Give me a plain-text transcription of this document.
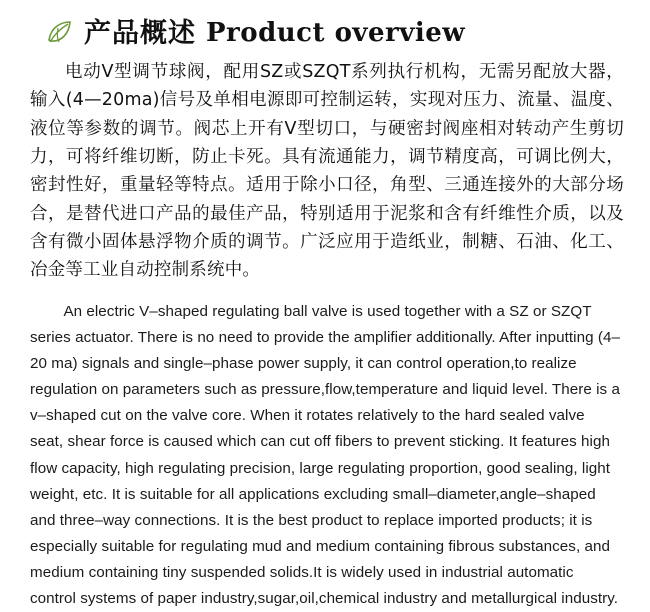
产品概述 Product overview

电动V型调节球阀，配用SZ或SZQT系列执行机构，无需另配放大器，输入(4—20ma)信号及单相电源即可控制运转，实现对压力、流量、温度、液位等参数的调节。阀芯上开有V型切口，与硬密封阀座相对转动产生剪切力，可将纤维切断，防止卡死。具有流通能力，调节精度高，可调比例大，密封性好，重量轻等特点。适用于除小口径，角型、三通连接外的大部分场合，是替代进口产品的最佳产品，特别适用于泥浆和含有纤维性介质，以及含有微小固体悬浮物介质的调节。广泛应用于造纸业，制糖、石油、化工、冶金等工业自动控制系统中。

An electric V–shaped regulating ball valve is used together with a SZ or SZQT series actuator. There is no need to provide the amplifier additionally. After inputting (4–20 ma) signals and single–phase power supply, it can control operation,to realize regulation on parameters such as pressure,flow,temperature and liquid level. There is a v–shaped cut on the valve core. When it rotates relatively to the hard sealed valve seat, shear force is caused which can cut off fibers to prevent sticking. It features high flow capacity, high regulating precision, large regulating proportion, good sealing, light weight, etc. It is suitable for all applications excluding small–diameter,angle–shaped and three–way connections. It is the best product to replace imported products; it is especially suitable for regulating mud and medium containing fibrous substances, and medium containing tiny suspended solids.It is widely used in industrial automatic control systems of paper industry,sugar,oil,chemical industry and metallurgical industry.
